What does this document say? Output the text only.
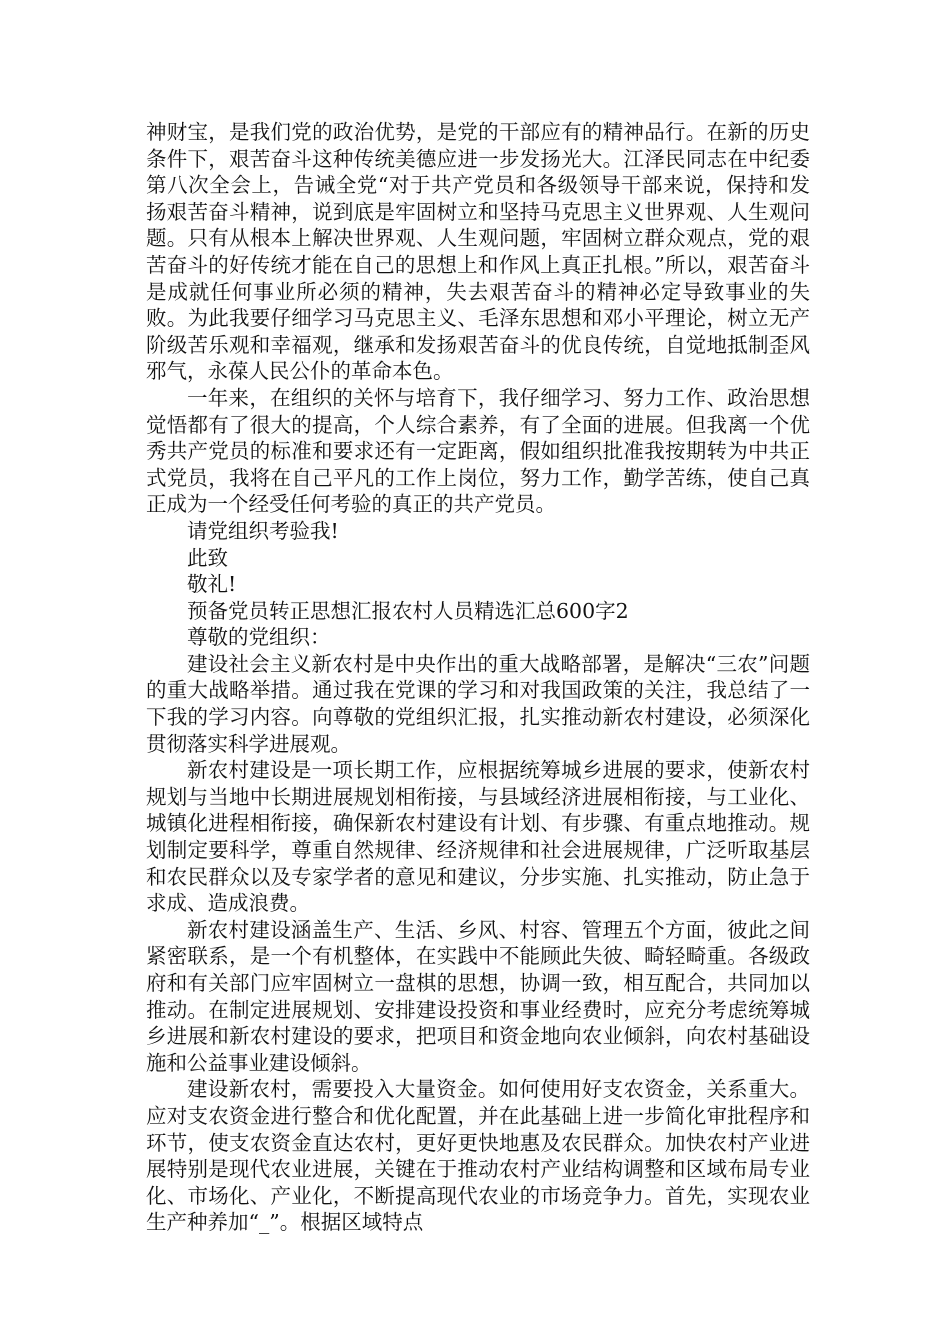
神财宝，是我们党的政治优势，是党的干部应有的精神品行。在新的历史条件下，艰苦奋斗这种传统美德应进一步发扬光大。江泽民同志在中纪委第八次全会上，告诫全党“对于共产党员和各级领导干部来说，保持和发扬艰苦奋斗精神，说到底是牢固树立和坚持马克思主义世界观、人生观问题。只有从根本上解决世界观、人生观问题，牢固树立群众观点，党的艰苦奋斗的好传统才能在自己的思想上和作风上真正扎根。”所以，艰苦奋斗是成就任何事业所必须的精神，失去艰苦奋斗的精神必定导致事业的失败。为此我要仔细学习马克思主义、毛泽东思想和邓小平理论，树立无产阶级苦乐观和幸福观，继承和发扬艰苦奋斗的优良传统，自觉地抵制歪风邪气，永葆人民公仆的革命本色。

一年来，在组织的关怀与培育下，我仔细学习、努力工作、政治思想觉悟都有了很大的提高，个人综合素养，有了全面的进展。但我离一个优秀共产党员的标准和要求还有一定距离，假如组织批准我按期转为中共正式党员，我将在自己平凡的工作上岗位，努力工作，勤学苦练，使自己真正成为一个经受任何考验的真正的共产党员。

请党组织考验我!

此致

敬礼!

预备党员转正思想汇报农村人员精选汇总600字2

尊敬的党组织：

建设社会主义新农村是中央作出的重大战略部署，是解决“三农”问题的重大战略举措。通过我在党课的学习和对我国政策的关注，我总结了一下我的学习内容。向尊敬的党组织汇报，扎实推动新农村建设，必须深化贯彻落实科学进展观。

新农村建设是一项长期工作，应根据统筹城乡进展的要求，使新农村规划与当地中长期进展规划相衔接，与县域经济进展相衔接，与工业化、城镇化进程相衔接，确保新农村建设有计划、有步骤、有重点地推动。规划制定要科学，尊重自然规律、经济规律和社会进展规律，广泛听取基层和农民群众以及专家学者的意见和建议，分步实施、扎实推动，防止急于求成、造成浪费。

新农村建设涵盖生产、生活、乡风、村容、管理五个方面，彼此之间紧密联系，是一个有机整体，在实践中不能顾此失彼、畸轻畸重。各级政府和有关部门应牢固树立一盘棋的思想，协调一致，相互配合，共同加以推动。在制定进展规划、安排建设投资和事业经费时，应充分考虑统筹城乡进展和新农村建设的要求，把项目和资金地向农业倾斜，向农村基础设施和公益事业建设倾斜。

建设新农村，需要投入大量资金。如何使用好支农资金，关系重大。应对支农资金进行整合和优化配置，并在此基础上进一步简化审批程序和环节，使支农资金直达农村，更好更快地惠及农民群众。加快农村产业进展特别是现代农业进展，关键在于推动农村产业结构调整和区域布局专业化、市场化、产业化，不断提高现代农业的市场竞争力。首先，实现农业生产种养加“_”。根据区域特点
